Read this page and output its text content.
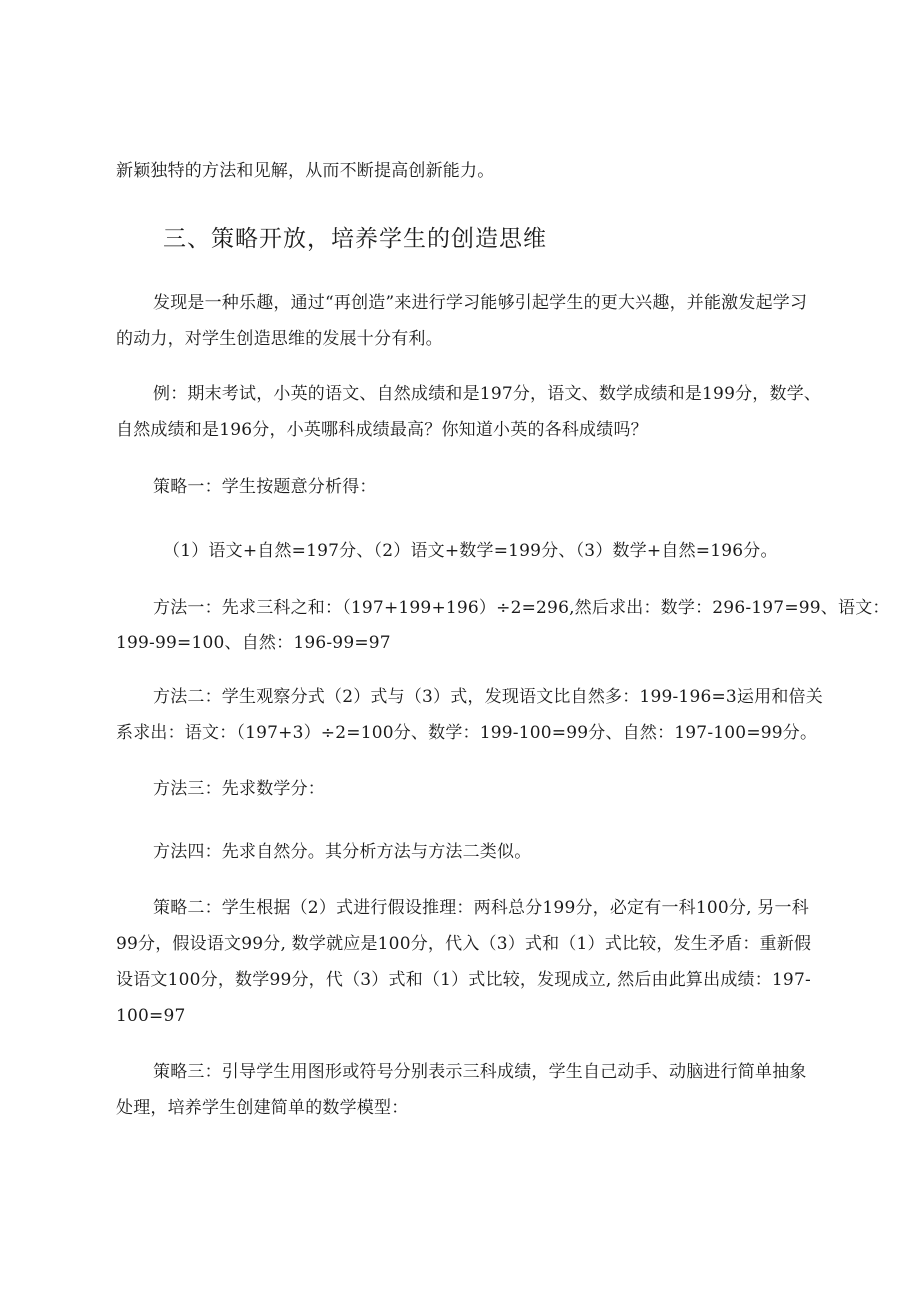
新颖独特的方法和见解，从而不断提高创新能力。
三、策略开放，培养学生的创造思维
发现是一种乐趣，通过“再创造”来进行学习能够引起学生的更大兴趣，并能激发起学习
的动力，对学生创造思维的发展十分有利。
例：期末考试，小英的语文、自然成绩和是197分，语文、数学成绩和是199分，数学、
自然成绩和是196分，小英哪科成绩最高？你知道小英的各科成绩吗？
策略一：学生按题意分析得：
（1）语文+自然=197分、（2）语文+数学=199分、（3）数学+自然=196分。
方法一：先求三科之和：（197+199+196）÷2=296,然后求出：数学：296-197=99、语文：
199-99=100、自然：196-99=97
方法二：学生观察分式（2）式与（3）式，发现语文比自然多：199-196=3运用和倍关
系求出：语文：（197+3）÷2=100分、数学：199-100=99分、自然：197-100=99分。
方法三：先求数学分：
方法四：先求自然分。其分析方法与方法二类似。
策略二：学生根据（2）式进行假设推理：两科总分199分，必定有一科100分, 另一科
99分，假设语文99分, 数学就应是100分，代入（3）式和（1）式比较，发生矛盾：重新假
设语文100分，数学99分，代（3）式和（1）式比较，发现成立, 然后由此算出成绩：197-
100=97
策略三：引导学生用图形或符号分别表示三科成绩，学生自己动手、动脑进行简单抽象
处理，培养学生创建简单的数学模型：
